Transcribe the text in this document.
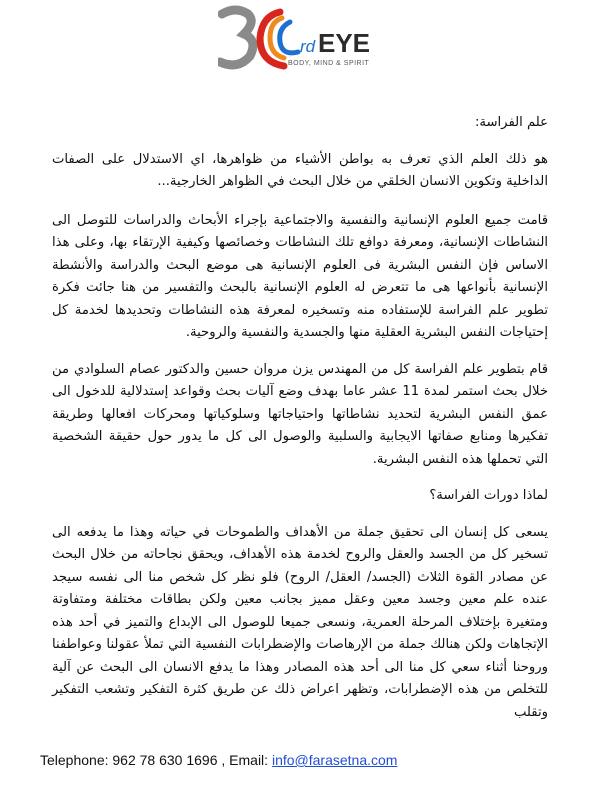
rd EYE
BODY, MIND & SPIRIT

علم الفراسة:

هو ذلك العلم الذي تعرف به بواطن الأشياء من ظواهرها، اي الاستدلال على الصفات الداخلية وتكوين الانسان الخلقي من خلال البحث في الظواهر الخارجية...

قامت جميع العلوم الإنسانية والنفسية والاجتماعية بإجراء الأبحاث والدراسات للتوصل الى النشاطات الإنسانية، ومعرفة دوافع تلك النشاطات وخصائصها وكيفية الإرتقاء بها، وعلى هذا الاساس فإن النفس البشرية فى العلوم الإنسانية هى موضع البحث والدراسة والأنشطة الإنسانية بأنواعها هى ما تتعرض له العلوم الإنسانية بالبحث والتفسير من هنا جائت فكرة تطوير علم الفراسة للإستفاده منه وتسخيره لمعرفة هذه النشاطات وتحديدها لخدمة كل إحتياجات النفس البشرية العقلية منها والجسدية والنفسية والروحية.

قام بتطوير علم الفراسة كل من المهندس يزن مروان حسين والدكتور عصام السلوادي من خلال بحث استمر لمدة 11 عشر عاما بهدف وضع آليات بحث وقواعد إستدلالية للدخول الى عمق النفس البشرية لتحديد نشاطاتها واحتياجاتها وسلوكياتها ومحركات افعالها وطريقة تفكيرها ومنابع صفاتها الايجابية والسلبية والوصول الى كل ما يدور حول حقيقة الشخصية التي تحملها هذه النفس البشرية.

لماذا دورات الفراسة؟

يسعى كل إنسان الى تحقيق جملة من الأهداف والطموحات في حياته وهذا ما يدفعه الى تسخير كل من الجسد والعقل والروح لخدمة هذه الأهداف، ويحقق نجاحاته من خلال البحث عن مصادر القوة الثلاث (الجسد/ العقل/ الروح) فلو نظر كل شخص منا الى نفسه سيجد عنده علم معين وجسد معين وعقل مميز بجانب معين ولكن بطاقات مختلفة ومتفاوتة ومتغيرة بإختلاف المرحلة العمرية، ونسعى جميعا للوصول الى الإبداع والتميز في أحد هذه الإتجاهات ولكن هنالك جملة من الإرهاصات والإضطرابات النفسية التي تملأ عقولنا وعواطفنا وروحنا أثناء سعي كل منا الى أحد هذه المصادر وهذا ما يدفع الانسان الى البحث عن آلية للتخلص من هذه الإضطرابات، وتظهر اعراض ذلك عن طريق كثرة التفكير وتشعب التفكير وتقلب

Telephone: 962 78 630 1696 , Email: info@farasetna.com
